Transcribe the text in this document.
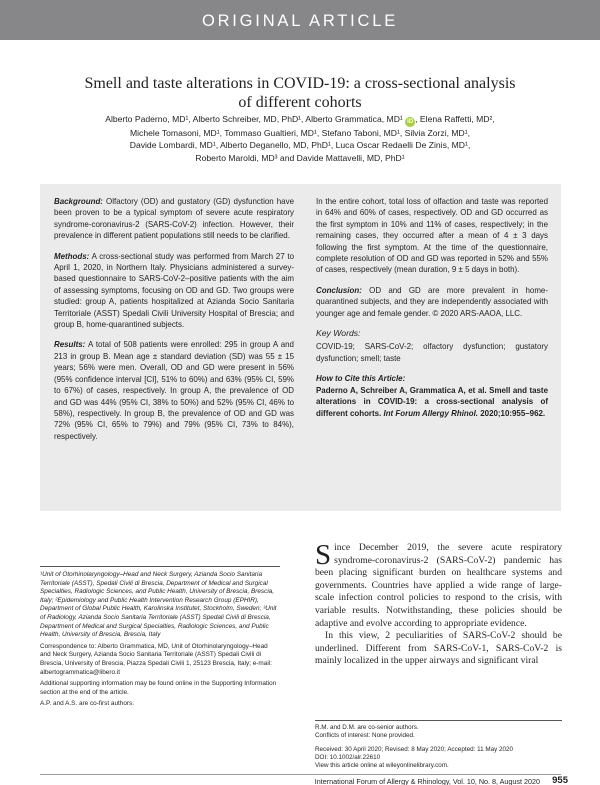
ORIGINAL ARTICLE
Smell and taste alterations in COVID-19: a cross-sectional analysis
of different cohorts
Alberto Paderno, MD¹, Alberto Schreiber, MD, PhD¹, Alberto Grammatica, MD¹ iD , Elena Raffetti, MD²,
Michele Tomasoni, MD¹, Tommaso Gualtieri, MD¹, Stefano Taboni, MD¹, Silvia Zorzi, MD¹,
Davide Lombardi, MD¹, Alberto Deganello, MD, PhD¹, Luca Oscar Redaelli De Zinis, MD¹,
Roberto Maroldi, MD³ and Davide Mattavelli, MD, PhD¹

Background: Olfactory (OD) and gustatory (GD) dysfunction have been proven to be a typical symptom of severe acute respiratory syndrome-coronavirus-2 (SARS-CoV-2) infection. However, their prevalence in different patient populations still needs to be clarified.

Methods: A cross-sectional study was performed from March 27 to April 1, 2020, in Northern Italy. Physicians administered a survey-based questionnaire to SARS-CoV-2–positive patients with the aim of assessing symptoms, focusing on OD and GD. Two groups were studied: group A, patients hospitalized at Azianda Socio Sanitaria Territoriale (ASST) Spedali Civili University Hospital of Brescia; and group B, home-quarantined subjects.

Results: A total of 508 patients were enrolled: 295 in group A and 213 in group B. Mean age ± standard deviation (SD) was 55 ± 15 years; 56% were men. Overall, OD and GD were present in 56% (95% confidence interval [CI], 51% to 60%) and 63% (95% CI, 59% to 67%) of cases, respectively. In group A, the prevalence of OD and GD was 44% (95% CI, 38% to 50%) and 52% (95% CI, 46% to 58%), respectively. In group B, the prevalence of OD and GD was 72% (95% CI, 65% to 79%) and 79% (95% CI, 73% to 84%), respectively.

In the entire cohort, total loss of olfaction and taste was reported in 64% and 60% of cases, respectively. OD and GD occurred as the first symptom in 10% and 11% of cases, respectively; in the remaining cases, they occurred after a mean of 4 ± 3 days following the first symptom. At the time of the questionnaire, complete resolution of OD and GD was reported in 52% and 55% of cases, respectively (mean duration, 9 ± 5 days in both).

Conclusion: OD and GD are more prevalent in home-quarantined subjects, and they are independently associated with younger age and female gender. © 2020 ARS-AAOA, LLC.

Key Words:
COVID-19; SARS-CoV-2; olfactory dysfunction; gustatory dysfunction; smell; taste
How to Cite this Article:
Paderno A, Schreiber A, Grammatica A, et al. Smell and taste alterations in COVID-19: a cross-sectional analysis of different cohorts. Int Forum Allergy Rhinol. 2020;10:955–962.

¹Unit of Otorhinolaryngology–Head and Neck Surgery, Azianda Socio Sanitaria Territoriale (ASST), Spedali Civili di Brescia, Department of Medical and Surgical Specialties, Radiologic Sciences, and Public Health, University of Brescia, Brescia, Italy; ²Epidemiology and Public Health Intervention Research Group (EPHIR), Department of Global Public Health, Karolinska Institutet, Stockholm, Sweden; ³Unit of Radiology, Azianda Socio Sanitaria Territoriale (ASST) Spedali Civili di Brescia, Department of Medical and Surgical Specialties, Radiologic Sciences, and Public Health, University of Brescia, Brescia, Italy

Correspondence to: Alberto Grammatica, MD, Unit of Otorhinolaryngology–Head and Neck Surgery, Azianda Socio Sanitaria Territoriale (ASST) Spedali Civili di Brescia, University of Brescia, Piazza Spedali Civili 1, 25123 Brescia, Italy; e-mail: albertogrammatica@libero.it

Additional supporting information may be found online in the Supporting Information section at the end of the article.

A.P. and A.S. are co-first authors.

Since December 2019, the severe acute respiratory syndrome-coronavirus-2 (SARS-CoV-2) pandemic has been placing significant burden on healthcare systems and governments. Countries have applied a wide range of large-scale infection control policies to respond to the crisis, with variable results. Notwithstanding, these policies should be adaptive and evolve according to appropriate evidence.

In this view, 2 peculiarities of SARS-CoV-2 should be underlined. Different from SARS-CoV-1, SARS-CoV-2 is mainly localized in the upper airways and significant viral

R.M. and D.M. are co-senior authors.
Conflicts of interest: None provided.
Received: 30 April 2020; Revised: 8 May 2020; Accepted: 11 May 2020
DOI: 10.1002/alr.22610
View this article online at wileyonlinelibrary.com.
International Forum of Allergy & Rhinology, Vol. 10, No. 8, August 2020	955
